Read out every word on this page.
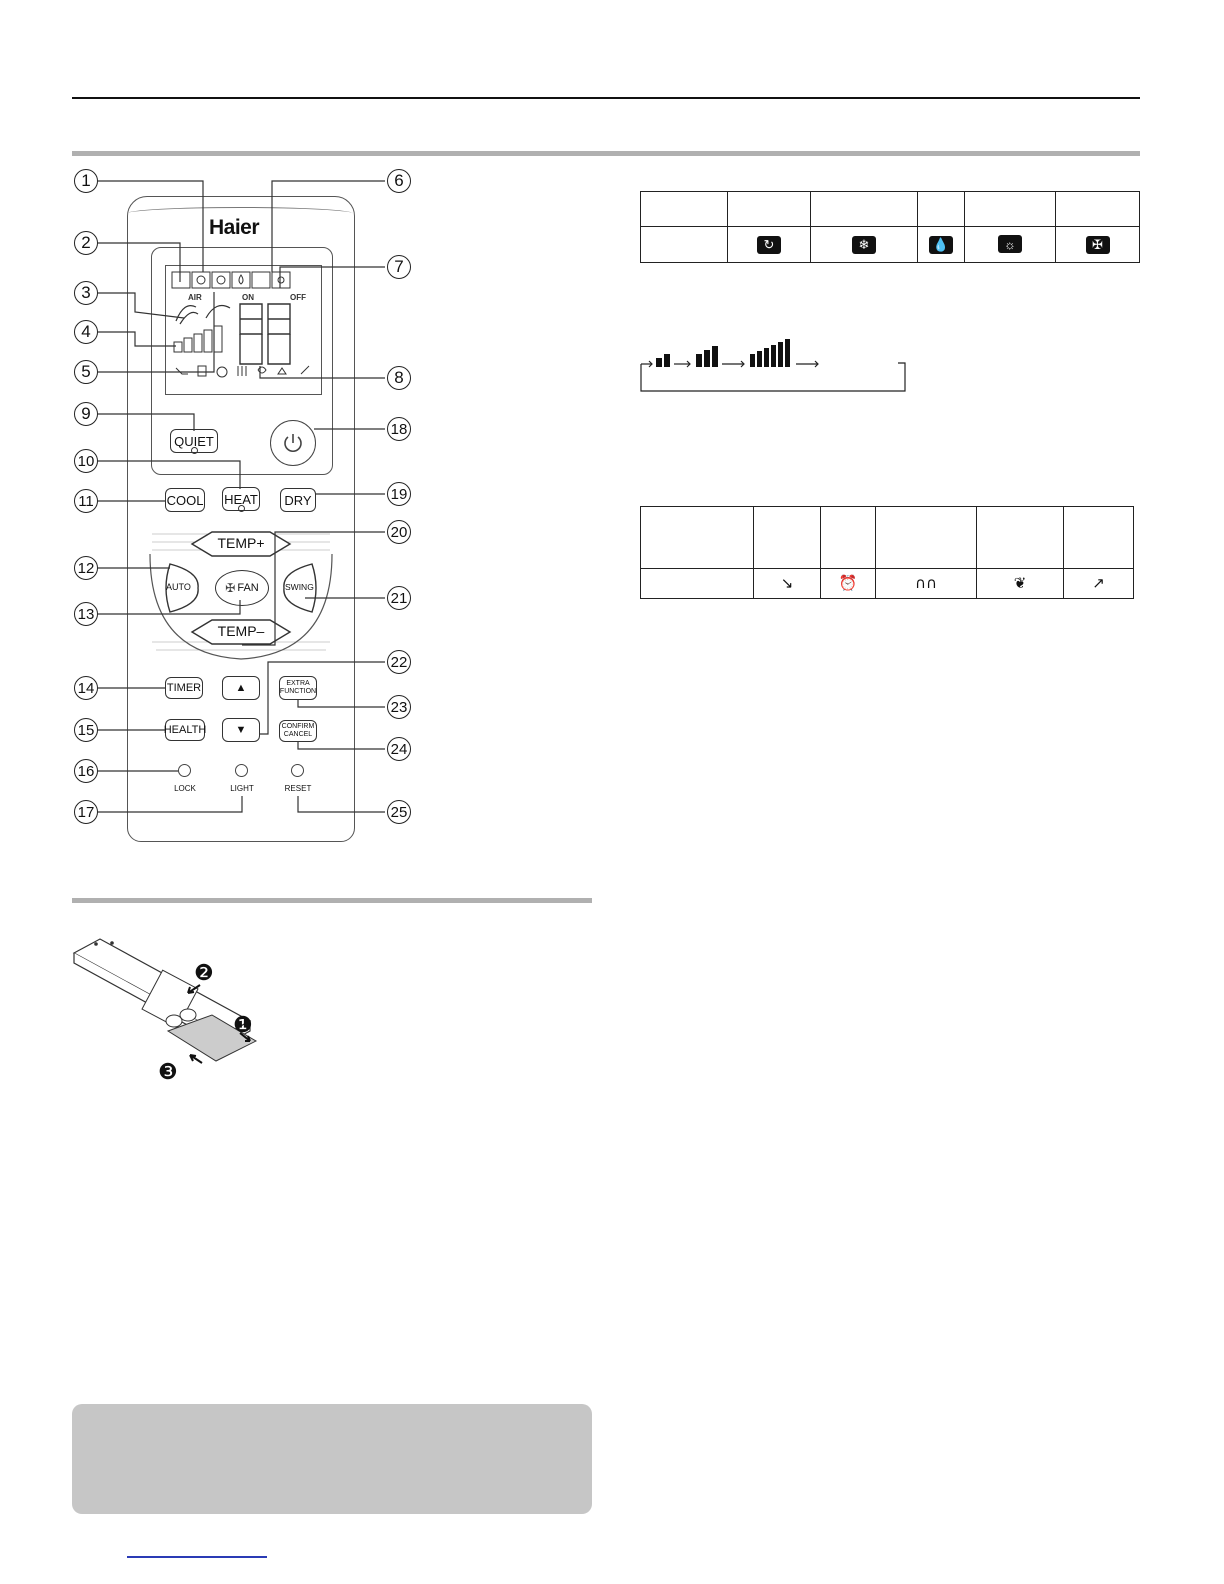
Haier
AIR	ON	OFF
QUIET
COOL HEAT	DRY
TEMP+
TEMP–
AUTO	SWING
✠ FAN
TIMER	▲	EXTRA
FUNCTION
HEALTH	▼	CONFIRM
CANCEL
LOCK	LIGHT	RESET
1
2
3
4
5
6
7
8
9
10
11
12
13
14
15
16
17
18
19
20
21
22
23
24
25
❷
❶
❸

	↻	❄	💧	☼	✠

	↘	⏰	∩∩	❦	↗
